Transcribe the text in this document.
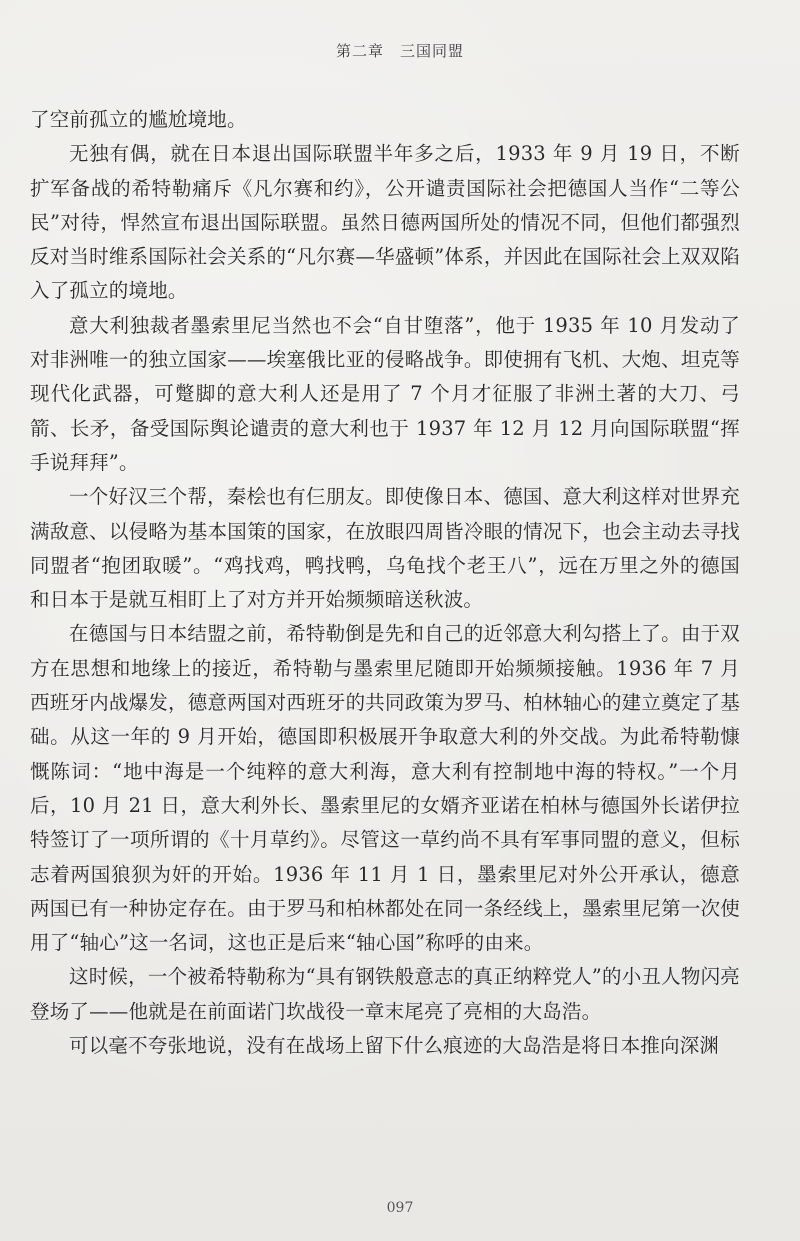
第二章　三国同盟

了空前孤立的尴尬境地。

无独有偶，就在日本退出国际联盟半年多之后，1933 年 9 月 19 日，不断扩军备战的希特勒痛斥《凡尔赛和约》，公开谴责国际社会把德国人当作“二等公民”对待，悍然宣布退出国际联盟。虽然日德两国所处的情况不同，但他们都强烈反对当时维系国际社会关系的“凡尔赛—华盛顿”体系，并因此在国际社会上双双陷入了孤立的境地。

意大利独裁者墨索里尼当然也不会“自甘堕落”，他于 1935 年 10 月发动了对非洲唯一的独立国家——埃塞俄比亚的侵略战争。即使拥有飞机、大炮、坦克等现代化武器，可蹩脚的意大利人还是用了 7 个月才征服了非洲土著的大刀、弓箭、长矛，备受国际舆论谴责的意大利也于 1937 年 12 月 12 月向国际联盟“挥手说拜拜”。

一个好汉三个帮，秦桧也有仨朋友。即使像日本、德国、意大利这样对世界充满敌意、以侵略为基本国策的国家，在放眼四周皆冷眼的情况下，也会主动去寻找同盟者“抱团取暖”。“鸡找鸡，鸭找鸭，乌龟找个老王八”，远在万里之外的德国和日本于是就互相盯上了对方并开始频频暗送秋波。

在德国与日本结盟之前，希特勒倒是先和自己的近邻意大利勾搭上了。由于双方在思想和地缘上的接近，希特勒与墨索里尼随即开始频频接触。1936 年 7 月西班牙内战爆发，德意两国对西班牙的共同政策为罗马、柏林轴心的建立奠定了基础。从这一年的 9 月开始，德国即积极展开争取意大利的外交战。为此希特勒慷慨陈词：“地中海是一个纯粹的意大利海，意大利有控制地中海的特权。”一个月后，10 月 21 日，意大利外长、墨索里尼的女婿齐亚诺在柏林与德国外长诺伊拉特签订了一项所谓的《十月草约》。尽管这一草约尚不具有军事同盟的意义，但标志着两国狼狈为奸的开始。1936 年 11 月 1 日，墨索里尼对外公开承认，德意两国已有一种协定存在。由于罗马和柏林都处在同一条经线上，墨索里尼第一次使用了“轴心”这一名词，这也正是后来“轴心国”称呼的由来。

这时候，一个被希特勒称为“具有钢铁般意志的真正纳粹党人”的小丑人物闪亮登场了——他就是在前面诺门坎战役一章末尾亮了亮相的大岛浩。

可以毫不夸张地说，没有在战场上留下什么痕迹的大岛浩是将日本推向深渊

097
